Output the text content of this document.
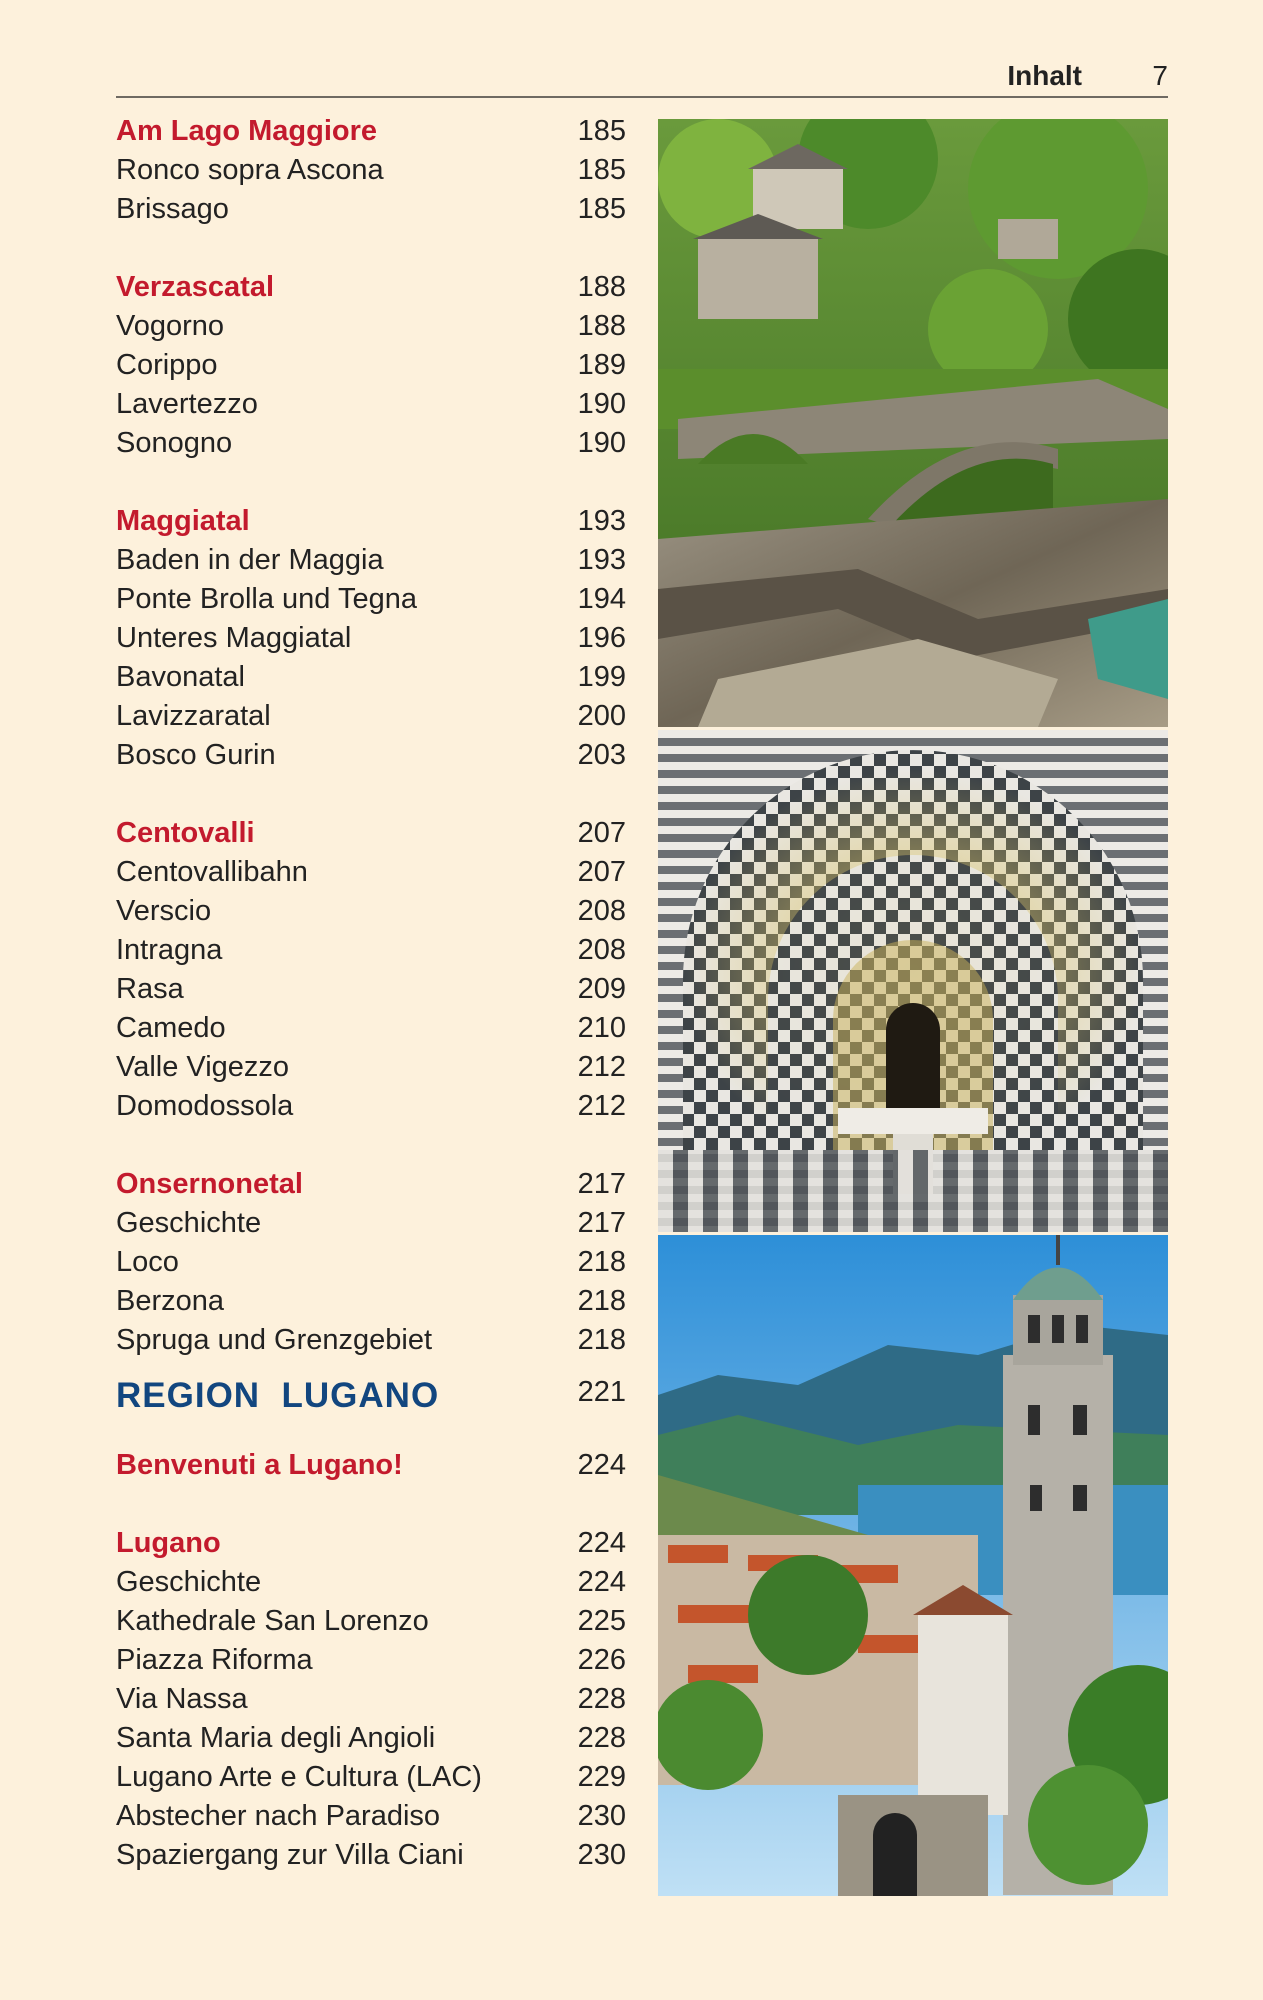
Inhalt	7
Am Lago Maggiore	185
Ronco sopra Ascona	185
Brissago	185
Verzascatal	188
Vogorno	188
Corippo	189
Lavertezzo	190
Sonogno	190
Maggiatal	193
Baden in der Maggia	193
Ponte Brolla und Tegna	194
Unteres Maggiatal	196
Bavonatal	199
Lavizzaratal	200
Bosco Gurin	203
Centovalli	207
Centovallibahn	207
Verscio	208
Intragna	208
Rasa	209
Camedo	210
Valle Vigezzo	212
Domodossola	212
Onsernonetal	217
Geschichte	217
Loco	218
Berzona	218
Spruga und Grenzgebiet	218
REGION  LUGANO	221
Benvenuti a Lugano!	224
Lugano	224
Geschichte	224
Kathedrale San Lorenzo	225
Piazza Riforma	226
Via Nassa	228
Santa Maria degli Angioli	228
Lugano Arte e Cultura (LAC)	229
Abstecher nach Paradiso	230
Spaziergang zur Villa Ciani	230
